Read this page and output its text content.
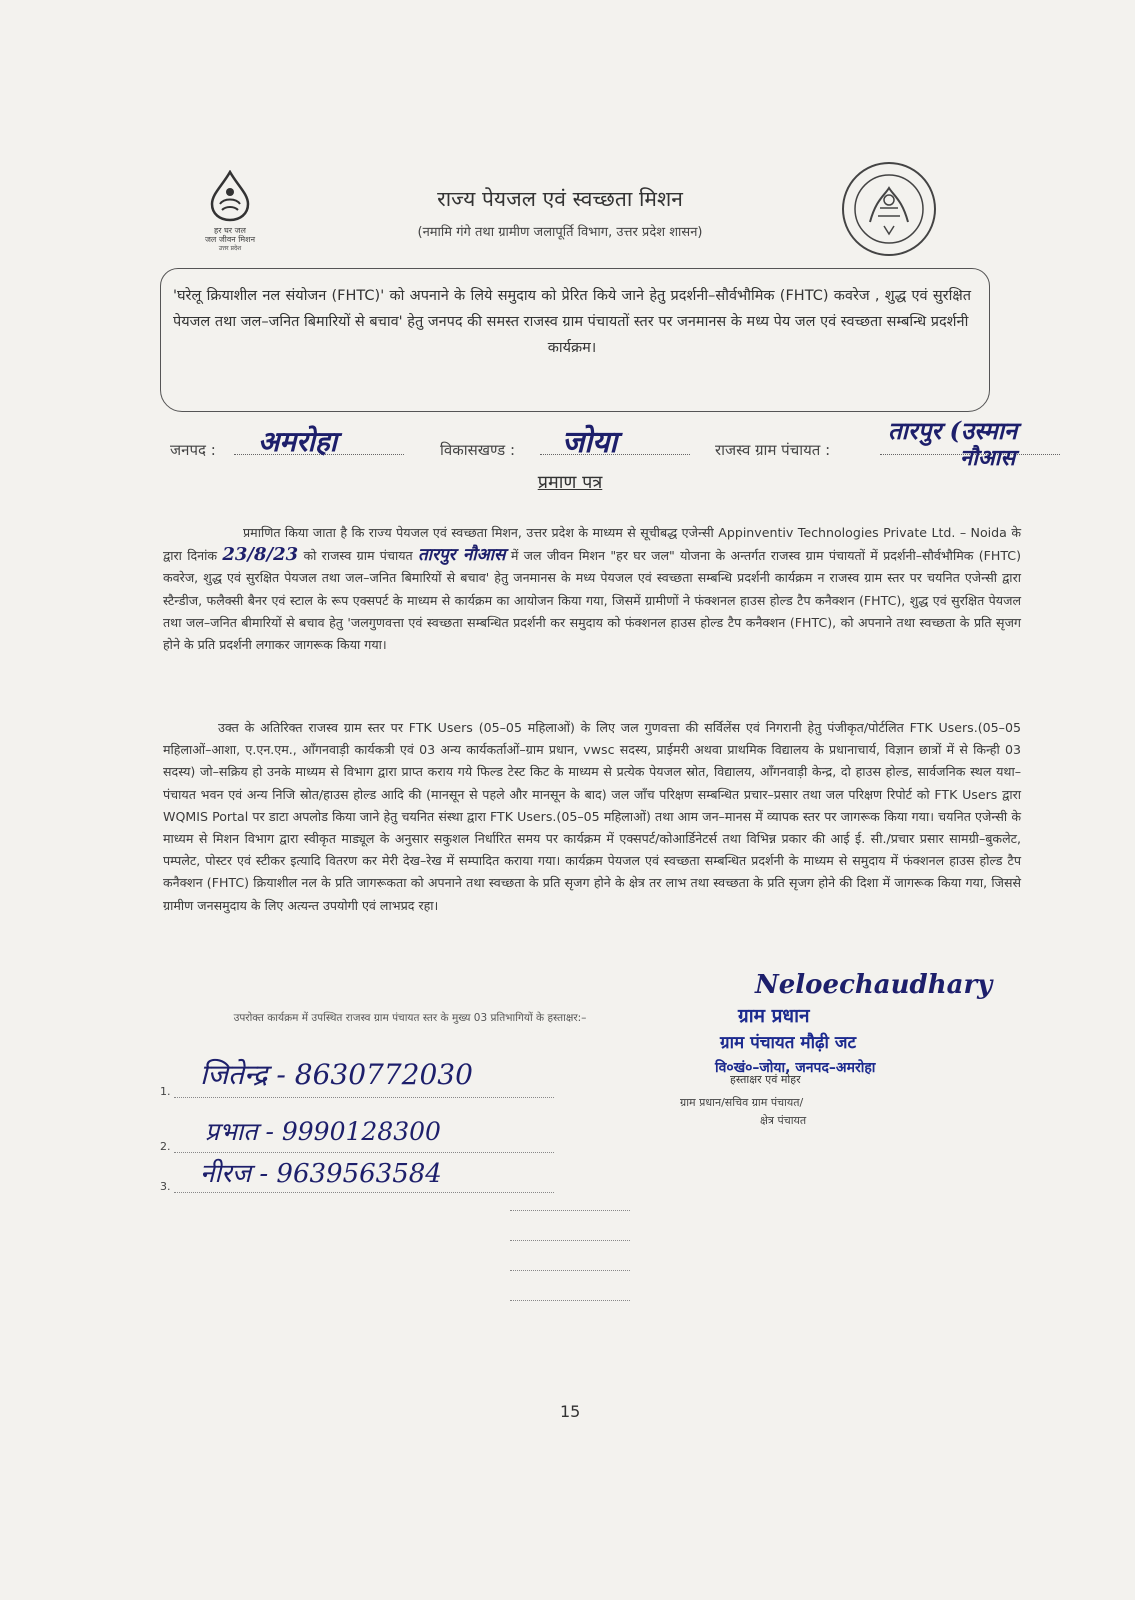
हर घर जल
जल जीवन मिशन
उत्तर प्रदेश
राज्य पेयजल एवं स्वच्छता मिशन
(नमामि गंगे तथा ग्रामीण जलापूर्ति विभाग, उत्तर प्रदेश शासन)
'घरेलू क्रियाशील नल संयोजन (FHTC)' को अपनाने के लिये समुदाय को प्रेरित किये जाने हेतु प्रदर्शनी–सौर्वभौमिक (FHTC) कवरेज , शुद्ध एवं सुरक्षित पेयजल तथा जल–जनित बिमारियों से बचाव' हेतु जनपद की समस्त राजस्व ग्राम पंचायतों स्तर पर जनमानस के मध्य पेय जल एवं स्वच्छता सम्बन्धि प्रदर्शनी
कार्यक्रम।
जनपद : अमरोहा	विकासखण्ड : जोया	राजस्व ग्राम पंचायत :
तारपुर (उस्मान
नौआस
प्रमाण पत्र
प्रमाणित किया जाता है कि राज्य पेयजल एवं स्वच्छता मिशन, उत्तर प्रदेश के माध्यम से सूचीबद्ध एजेन्सी Appinventiv Technologies Private Ltd. – Noida के द्वारा दिनांक 23/8/23 को राजस्व ग्राम पंचायत तारपुर नौआस में जल जीवन मिशन "हर घर जल" योजना के अन्तर्गत राजस्व ग्राम पंचायतों में प्रदर्शनी–सौर्वभौमिक (FHTC) कवरेज, शुद्ध एवं सुरक्षित पेयजल तथा जल–जनित बिमारियों से बचाव' हेतु जनमानस के मध्य पेयजल एवं स्वच्छता सम्बन्धि प्रदर्शनी कार्यक्रम न राजस्व ग्राम स्तर पर चयनित एजेन्सी द्वारा स्टैन्डीज, फलैक्सी बैनर एवं स्टाल के रूप एक्सपर्ट के माध्यम से कार्यक्रम का आयोजन किया गया, जिसमें ग्रामीणों ने फंक्शनल हाउस होल्ड टैप कनैक्शन (FHTC), शुद्ध एवं सुरक्षित पेयजल तथा जल–जनित बीमारियों से बचाव हेतु 'जलगुणवत्ता एवं स्वच्छता सम्बन्धित प्रदर्शनी कर समुदाय को फंक्शनल हाउस होल्ड टैप कनैक्शन (FHTC), को अपनाने तथा स्वच्छता के प्रति सृजग होने के प्रति प्रदर्शनी लगाकर जागरूक किया गया।
उक्त के अतिरिक्त राजस्व ग्राम स्तर पर FTK Users (05–05 महिलाओं) के लिए जल गुणवत्ता की सर्विलेंस एवं निगरानी हेतु पंजीकृत/पोर्टलित FTK Users.(05–05 महिलाओं–आशा, ए.एन.एम., आँगनवाड़ी कार्यकत्री एवं 03 अन्य कार्यकर्ताओं–ग्राम प्रधान, vwsc सदस्य, प्राईमरी अथवा प्राथमिक विद्यालय के प्रधानाचार्य, विज्ञान छात्रों में से किन्ही 03 सदस्य) जो–सक्रिय हो उनके माध्यम से विभाग द्वारा प्राप्त कराय गये फिल्ड टेस्ट किट के माध्यम से प्रत्येक पेयजल स्रोत, विद्यालय, आँगनवाड़ी केन्द्र, दो हाउस होल्ड, सार्वजनिक स्थल यथा–पंचायत भवन एवं अन्य निजि स्रोत/हाउस होल्ड आदि की (मानसून से पहले और मानसून के बाद) जल जाँच परिक्षण सम्बन्धित प्रचार–प्रसार तथा जल परिक्षण रिपोर्ट को FTK Users द्वारा WQMIS Portal पर डाटा अपलोड किया जाने हेतु चयनित संस्था द्वारा FTK Users.(05–05 महिलाओं) तथा आम जन–मानस में व्यापक स्तर पर जागरूक किया गया। चयनित एजेन्सी के माध्यम से मिशन विभाग द्वारा स्वीकृत माड्यूल के अनुसार सकुशल निर्धारित समय पर कार्यक्रम में एक्सपर्ट/कोआर्डिनेटर्स तथा विभिन्न प्रकार की आई ई. सी./प्रचार प्रसार सामग्री–बुकलेट, पम्पलेट, पोस्टर एवं स्टीकर इत्यादि वितरण कर मेरी देख–रेख में सम्पादित कराया गया। कार्यक्रम पेयजल एवं स्वच्छता सम्बन्धित प्रदर्शनी के माध्यम से समुदाय में फंक्शनल हाउस होल्ड टैप कनैक्शन (FHTC) क्रियाशील नल के प्रति जागरूकता को अपनाने तथा स्वच्छता के प्रति सृजग होने के क्षेत्र तर लाभ तथा स्वच्छता के प्रति सृजग होने की दिशा में जागरूक किया गया, जिससे ग्रामीण जनसमुदाय के लिए अत्यन्त उपयोगी एवं लाभप्रद रहा।
उपरोक्त कार्यक्रम में उपस्थित राजस्व ग्राम पंचायत स्तर के मुख्य 03 प्रतिभागियों के हस्ताक्षर:–
1.
जितेन्द्र - 8630772030
2.
प्रभात - 9990128300
3. नीरज - 9639563584
Neloechaudhary
ग्राम प्रधान
ग्राम पंचायत मौढ़ी जट
वि०खं०–जोया, जनपद–अमरोहा
हस्ताक्षर एवं मोहर
ग्राम प्रधान/सचिव ग्राम पंचायत/
क्षेत्र पंचायत
15
